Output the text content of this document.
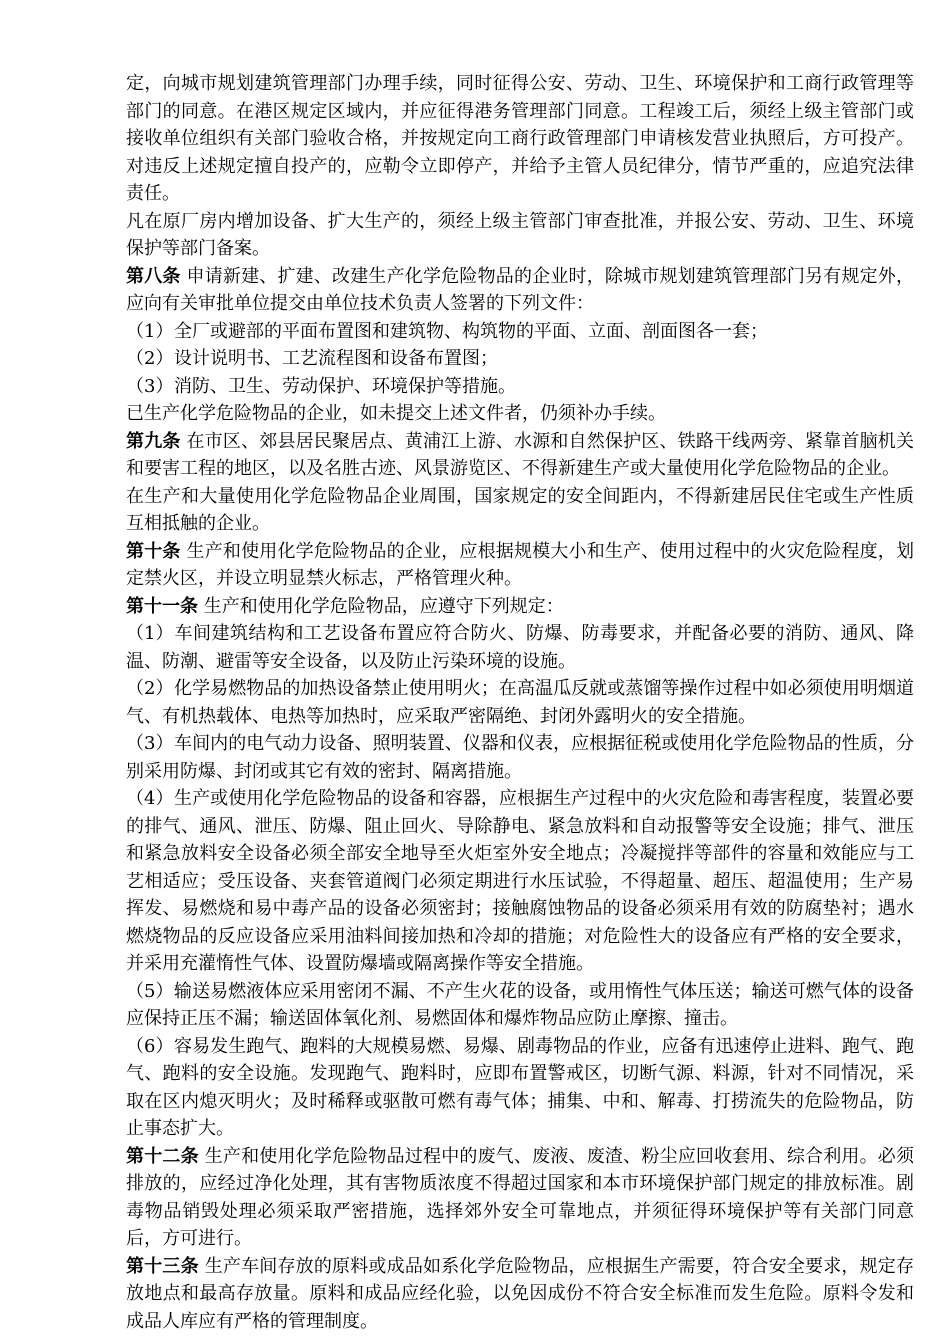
定，向城市规划建筑管理部门办理手续，同时征得公安、劳动、卫生、环境保护和工商行政管理等部门的同意。在港区规定区域内，并应征得港务管理部门同意。工程竣工后，须经上级主管部门或接收单位组织有关部门验收合格，并按规定向工商行政管理部门申请核发营业执照后，方可投产。对违反上述规定擅自投产的，应勒令立即停产，并给予主管人员纪律分，情节严重的，应追究法律责任。

凡在原厂房内增加设备、扩大生产的，须经上级主管部门审查批准，并报公安、劳动、卫生、环境保护等部门备案。

第八条 申请新建、扩建、改建生产化学危险物品的企业时，除城市规划建筑管理部门另有规定外，应向有关审批单位提交由单位技术负责人签署的下列文件：

（1）全厂或避部的平面布置图和建筑物、构筑物的平面、立面、剖面图各一套；

（2）设计说明书、工艺流程图和设备布置图；

（3）消防、卫生、劳动保护、环境保护等措施。

已生产化学危险物品的企业，如未提交上述文件者，仍须补办手续。

第九条 在市区、郊县居民聚居点、黄浦江上游、水源和自然保护区、铁路干线两旁、紧靠首脑机关和要害工程的地区，以及名胜古迹、风景游览区、不得新建生产或大量使用化学危险物品的企业。

在生产和大量使用化学危险物品企业周围，国家规定的安全间距内，不得新建居民住宅或生产性质互相抵触的企业。

第十条 生产和使用化学危险物品的企业，应根据规模大小和生产、使用过程中的火灾危险程度，划定禁火区，并设立明显禁火标志，严格管理火种。

第十一条 生产和使用化学危险物品，应遵守下列规定：

（1）车间建筑结构和工艺设备布置应符合防火、防爆、防毒要求，并配备必要的消防、通风、降温、防潮、避雷等安全设备，以及防止污染环境的设施。

（2）化学易燃物品的加热设备禁止使用明火；在高温瓜反就或蒸馏等操作过程中如必须使用明烟道气、有机热载体、电热等加热时，应采取严密隔绝、封闭外露明火的安全措施。

（3）车间内的电气动力设备、照明装置、仪器和仪表，应根据征税或使用化学危险物品的性质，分别采用防爆、封闭或其它有效的密封、隔离措施。

（4）生产或使用化学危险物品的设备和容器，应根据生产过程中的火灾危险和毒害程度，装置必要的排气、通风、泄压、防爆、阻止回火、导除静电、紧急放料和自动报警等安全设施；排气、泄压和紧急放料安全设备必须全部安全地导至火炬室外安全地点；冷凝搅拌等部件的容量和效能应与工艺相适应；受压设备、夹套管道阀门必须定期进行水压试验，不得超量、超压、超温使用；生产易挥发、易燃烧和易中毒产品的设备必须密封；接触腐蚀物品的设备必须采用有效的防腐垫衬；遇水燃烧物品的反应设备应采用油料间接加热和冷却的措施；对危险性大的设备应有严格的安全要求，并采用充灌惰性气体、设置防爆墙或隔离操作等安全措施。

（5）输送易燃液体应采用密闭不漏、不产生火花的设备，或用惰性气体压送；输送可燃气体的设备应保持正压不漏；输送固体氧化剂、易燃固体和爆炸物品应防止摩擦、撞击。

（6）容易发生跑气、跑料的大规模易燃、易爆、剧毒物品的作业，应备有迅速停止进料、跑气、跑气、跑料的安全设施。发现跑气、跑料时，应即布置警戒区，切断气源、料源，针对不同情况，采取在区内熄灭明火；及时稀释或驱散可燃有毒气体；捕集、中和、解毒、打捞流失的危险物品，防止事态扩大。

第十二条 生产和使用化学危险物品过程中的废气、废液、废渣、粉尘应回收套用、综合利用。必须排放的，应经过净化处理，其有害物质浓度不得超过国家和本市环境保护部门规定的排放标准。剧毒物品销毁处理必须采取严密措施，选择郊外安全可靠地点，并须征得环境保护等有关部门同意后，方可进行。

第十三条 生产车间存放的原料或成品如系化学危险物品，应根据生产需要，符合安全要求，规定存放地点和最高存放量。原料和成品应经化验，以免因成份不符合安全标准而发生危险。原料令发和成品人库应有严格的管理制度。
